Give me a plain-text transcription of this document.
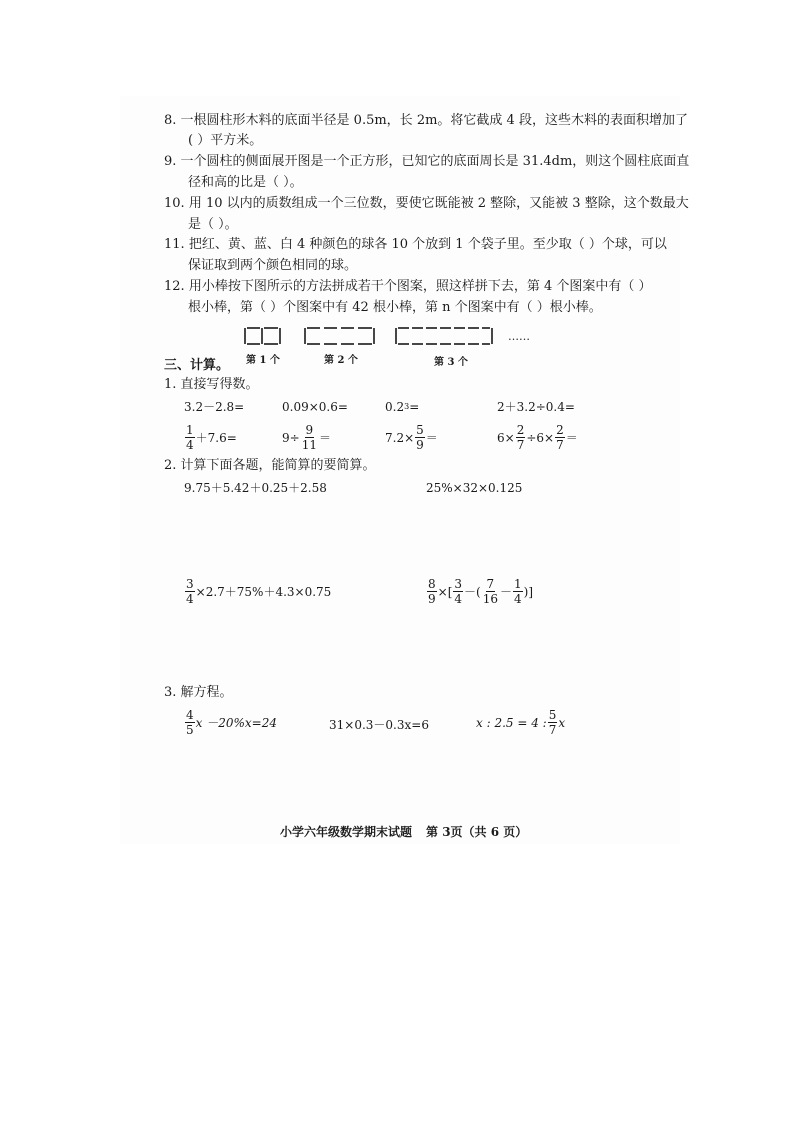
8. 一根圆柱形木料的底面半径是 0.5m，长 2m。将它截成 4 段，这些木料的表面积增加了
( ）平方米。
9. 一个圆柱的侧面展开图是一个正方形，已知它的底面周长是 31.4dm，则这个圆柱底面直
径和高的比是（ ）。
10. 用 10 以内的质数组成一个三位数，要使它既能被 2 整除，又能被 3 整除，这个数最大
是（ ）。
11. 把红、黄、蓝、白 4 种颜色的球各 10 个放到 1 个袋子里。至少取（ ）个球，可以
保证取到两个颜色相同的球。
12. 用小棒按下图所示的方法拼成若干个图案，照这样拼下去，第 4 个图案中有（ ）
根小棒，第（ ）个图案中有 42 根小棒，第 n 个图案中有（ ）根小棒。
……
第 1 个	第 2 个	第 3 个
三、计算。
1. 直接写得数。
3.2－2.8=	0.09×0.6=	0.2 3 =	2＋3.2÷0.4=
$\frac{1}{4} +7.6=$	$9\div \frac{9}{11}$ ＝	$7.2\times \frac{5}{9}$ ＝	$6\times \frac{2}{7} \div 6\times \frac{2}{7}$ ＝
2. 计算下面各题，能简算的要简算。
9.75＋5.42＋0.25＋2.58	25%×32×0.125
$\frac{3}{4} \times 2.7+75\%+4.3\times 0.75$	$\frac{8}{9}$ ×[ $\frac{3}{4}$ －( $\frac{7}{16} - \frac{1}{4}$ )]
3. 解方程。
$\frac{4}{5}$ x －20%x=24	31×0.3－0.3x=6	x : 2.5 = 4 : $\frac{5}{7}$ x
小学六年级数学期末试题 第 3页（共 6 页）
